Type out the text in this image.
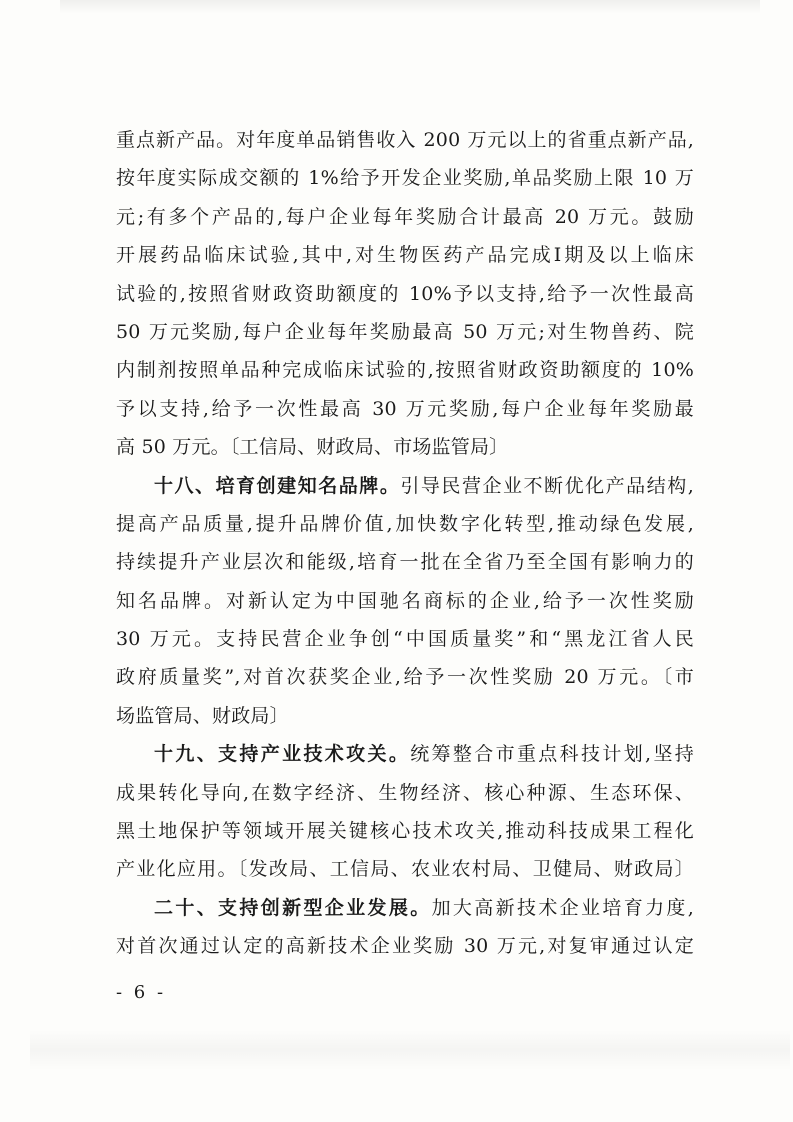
重点新产品。对年度单品销售收入 200 万元以上的省重点新产品,
按年度实际成交额的 1%给予开发企业奖励,单品奖励上限 10 万
元;有多个产品的,每户企业每年奖励合计最高 20 万元。鼓励
开展药品临床试验,其中,对生物医药产品完成Ⅰ期及以上临床
试验的,按照省财政资助额度的 10%予以支持,给予一次性最高
50 万元奖励,每户企业每年奖励最高 50 万元;对生物兽药、院
内制剂按照单品种完成临床试验的,按照省财政资助额度的 10%
予以支持,给予一次性最高 30 万元奖励,每户企业每年奖励最
高 50 万元。〔工信局、财政局、市场监管局〕
十八、培育创建知名品牌。引导民营企业不断优化产品结构,
提高产品质量,提升品牌价值,加快数字化转型,推动绿色发展,
持续提升产业层次和能级,培育一批在全省乃至全国有影响力的
知名品牌。对新认定为中国驰名商标的企业,给予一次性奖励
30 万元。支持民营企业争创“中国质量奖”和“黑龙江省人民
政府质量奖”,对首次获奖企业,给予一次性奖励 20 万元。〔市
场监管局、财政局〕
十九、支持产业技术攻关。统筹整合市重点科技计划,坚持
成果转化导向,在数字经济、生物经济、核心种源、生态环保、
黑土地保护等领域开展关键核心技术攻关,推动科技成果工程化
产业化应用。〔发改局、工信局、农业农村局、卫健局、财政局〕
二十、支持创新型企业发展。加大高新技术企业培育力度,
对首次通过认定的高新技术企业奖励 30 万元,对复审通过认定
- 6 -
